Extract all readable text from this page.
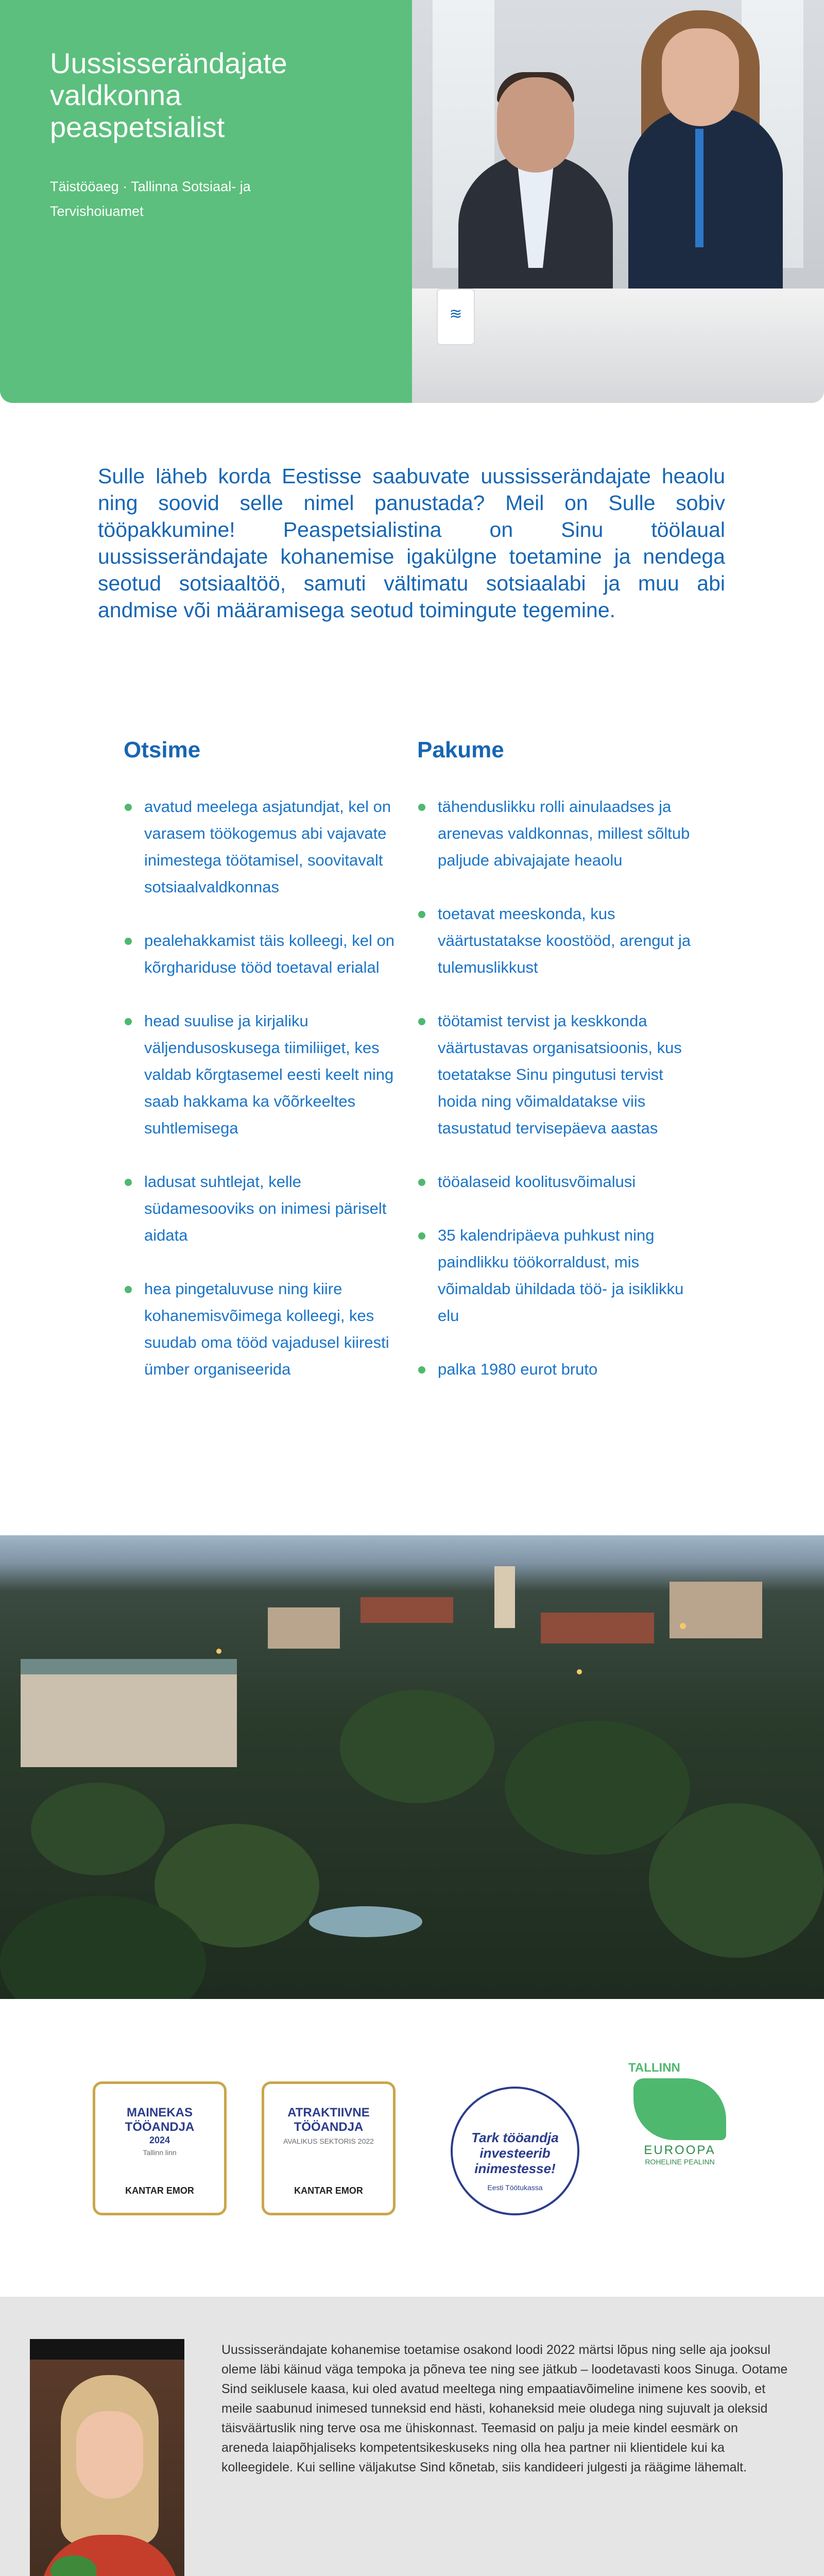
Uussisserändajate valdkonna peaspetsialist
Täistööaeg · Tallinna Sotsiaal- ja Tervishoiuamet
≋

Sulle läheb korda Eestisse saabuvate uussisserändajate heaolu ning soovid selle nimel panustada? Meil on Sulle sobiv tööpakkumine! Peaspetsialistina on Sinu töölaual uussisserändajate kohanemise igakülgne toetamine ja nendega seotud sotsiaaltöö, samuti vältimatu sotsiaalabi ja muu abi andmise või määramisega seotud toimingute tegemine.

Otsime
avatud meelega asjatundjat, kel on varasem töökogemus abi vajavate inimestega töötamisel, soovitavalt sotsiaalvaldkonnas
pealehakkamist täis kolleegi, kel on kõrghariduse tööd toetaval erialal
head suulise ja kirjaliku väljendusoskusega tiimiliiget, kes valdab kõrgtasemel eesti keelt ning saab hakkama ka võõrkeeltes suhtlemisega
ladusat suhtlejat, kelle südamesooviks on inimesi päriselt aidata
hea pingetaluvuse ning kiire kohanemisvõimega kolleegi, kes suudab oma tööd vajadusel kiiresti ümber organiseerida
Pakume
tähenduslikku rolli ainulaadses ja arenevas valdkonnas, millest sõltub paljude abivajajate heaolu
toetavat meeskonda, kus väärtustatakse koostööd, arengut ja tulemuslikkust
töötamist tervist ja keskkonda väärtustavas organisatsioonis, kus toetatakse Sinu pingutusi tervist hoida ning võimaldatakse viis tasustatud tervisepäeva aastas
tööalaseid koolitusvõimalusi
35 kalendripäeva puhkust ning paindlikku töökorraldust, mis võimaldab ühildada töö- ja isiklikku elu
palka 1980 eurot bruto
MAINEKAS TÖÖANDJA
2024
Tallinn linn
KANTAR EMOR
ATRAKTIIVNE TÖÖANDJA
AVALIKUS SEKTORIS 2022
KANTAR EMOR
Tark tööandja investeerib inimestesse!
Eesti Töötukassa
TALLINN
EUROOPA
ROHELINE PEALINN

Uussisserändajate kohanemise toetamise osakond loodi 2022 märtsi lõpus ning selle aja jooksul oleme läbi käinud väga tempoka ja põneva tee ning see jätkub – loodetavasti koos Sinuga. Ootame Sind seiklusele kaasa, kui oled avatud meeltega ning empaatiavõimeline inimene kes soovib, et meile saabunud inimesed tunneksid end hästi, kohaneksid meie oludega ning sujuvalt ja oleksid täisväärtuslik ning terve osa me ühiskonnast. Teemasid on palju ja meie kindel eesmärk on areneda laiapõhjaliseks kompetentsikeskuseks ning olla hea partner nii klientidele kui ka kolleegidele. Kui selline väljakutse Sind kõnetab, siis kandideeri julgesti ja räägime lähemalt.
